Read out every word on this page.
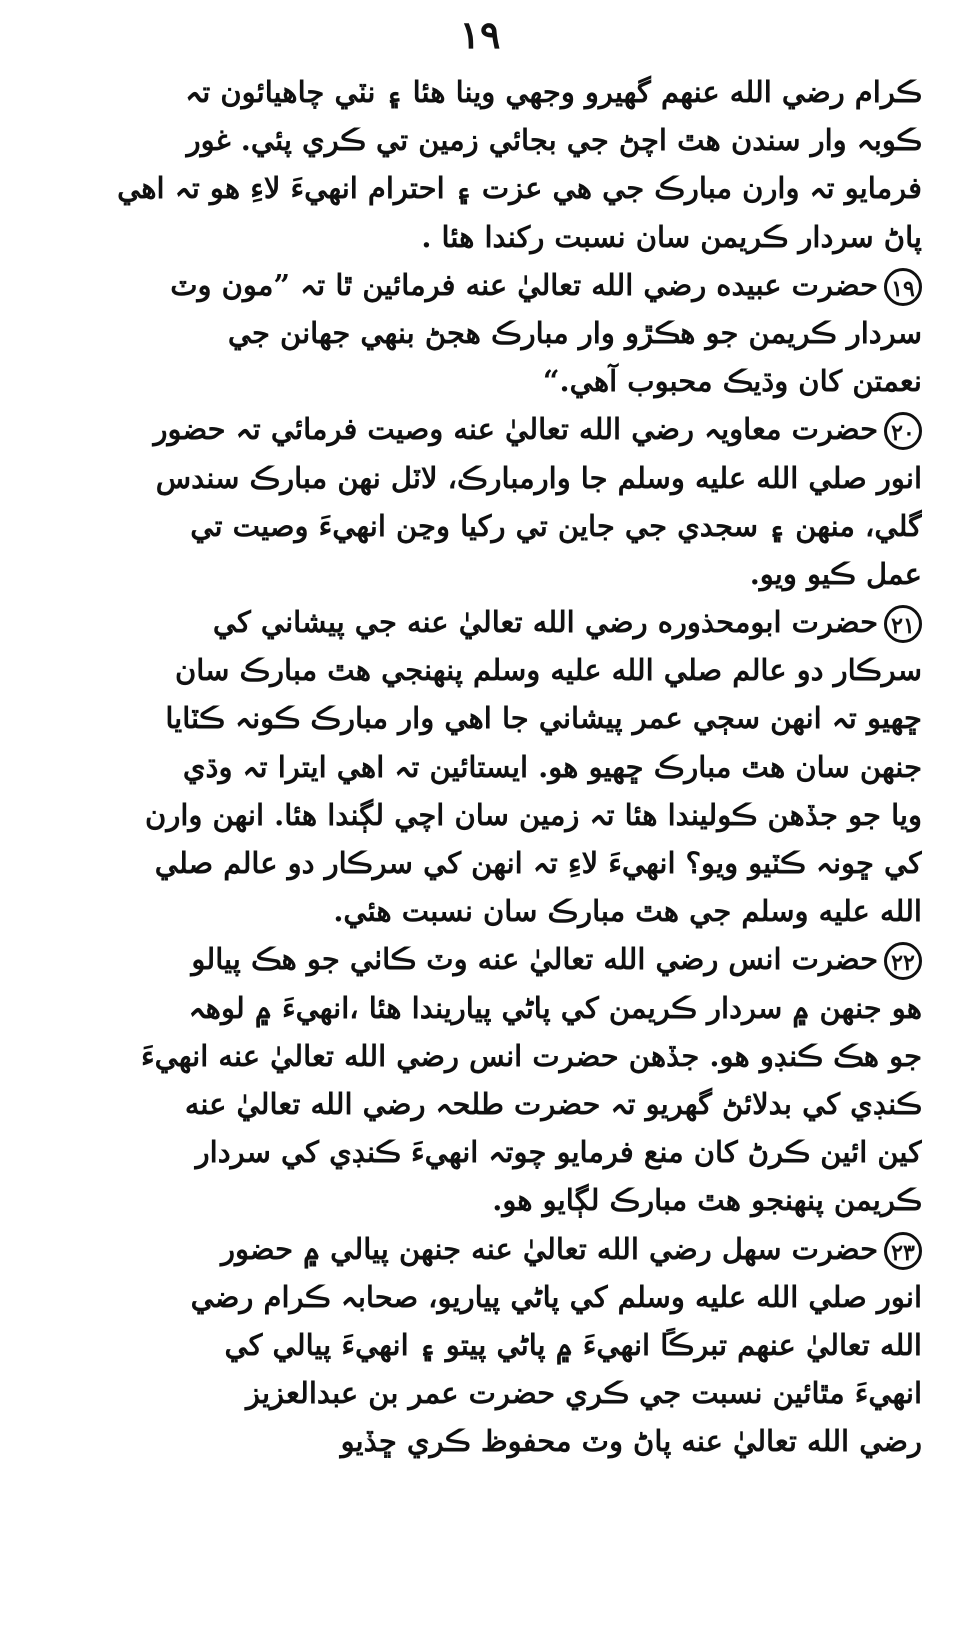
١٩
ڪرام رضي الله عنهم گهيرو وجهي وينا هئا ۽ نٽي چاهيائون تہ
ڪوبہ وار سندن هٿ اچڻ جي بجائي زمين تي ڪري پئي. غور
فرمايو تہ وارن مبارڪ جي هي عزت ۽ احترام انهيءَ لاءِ هو تہ اهي
پاڻ سردار ڪريمن سان نسبت رکندا هئا .
١٩حضرت عبيده رضي الله تعاليٰ عنه فرمائين ٿا تہ ”مون وٽ
سردار ڪريمن جو هڪڙو وار مبارڪ هجڻ بنهي جهانن جي
نعمتن کان وڌيڪ محبوب آهي.“
٢٠حضرت معاويہ رضي الله تعاليٰ عنه وصيت فرمائي تہ حضور
انور صلي الله عليه وسلم جا وارمبارڪ، لاٽل نهن مبارڪ سندس
گلي، منهن ۽ سجدي جي جاين تي رکيا وڃن انهيءَ وصيت تي
عمل ڪيو ويو.
٢١حضرت ابومحذوره رضي الله تعاليٰ عنه جي پيشاني کي
سرڪار دو عالم صلي الله عليه وسلم پنهنجي هٿ مبارڪ سان
ڇهيو تہ انهن سڄي عمر پيشاني جا اهي وار مبارڪ ڪونہ ڪٽايا
جنهن سان هٿ مبارڪ ڇهيو هو. ايستائين تہ اهي ايترا تہ وڌي
ويا جو جڏهن ڪوليندا هئا تہ زمين سان اچي لڳندا هئا. انهن وارن
کي ڇونہ ڪٽيو ويو؟ انهيءَ لاءِ تہ انهن کي سرڪار دو عالم صلي
الله عليه وسلم جي هٿ مبارڪ سان نسبت هئي.
٢٢حضرت انس رضي الله تعاليٰ عنه وٽ ڪاٺي جو هڪ پيالو
هو جنهن ۾ سردار ڪريمن کي پاڻي پياريندا هئا ،انهيءَ ۾ لوهہ
جو هڪ ڪنڊو هو. جڏهن حضرت انس رضي الله تعاليٰ عنه انهيءَ
ڪنڊي کي بدلائڻ گهريو تہ حضرت طلحہ رضي الله تعاليٰ عنه
کين ائين ڪرڻ کان منع فرمايو چوتہ انهيءَ ڪنڊي کي سردار
ڪريمن پنهنجو هٿ مبارڪ لڳايو هو.
٢٣حضرت سهل رضي الله تعاليٰ عنه جنهن پيالي ۾ حضور
انور صلي الله عليه وسلم کي پاڻي پياريو، صحابہ ڪرام رضي
الله تعاليٰ عنهم تبرڪًا انهيءَ ۾ پاڻي پيتو ۽ انهيءَ پيالي کي
انهيءَ مٿائين نسبت جي ڪري حضرت عمر بن عبدالعزيز
رضي الله تعاليٰ عنه پاڻ وٽ محفوظ ڪري ڇڏيو
